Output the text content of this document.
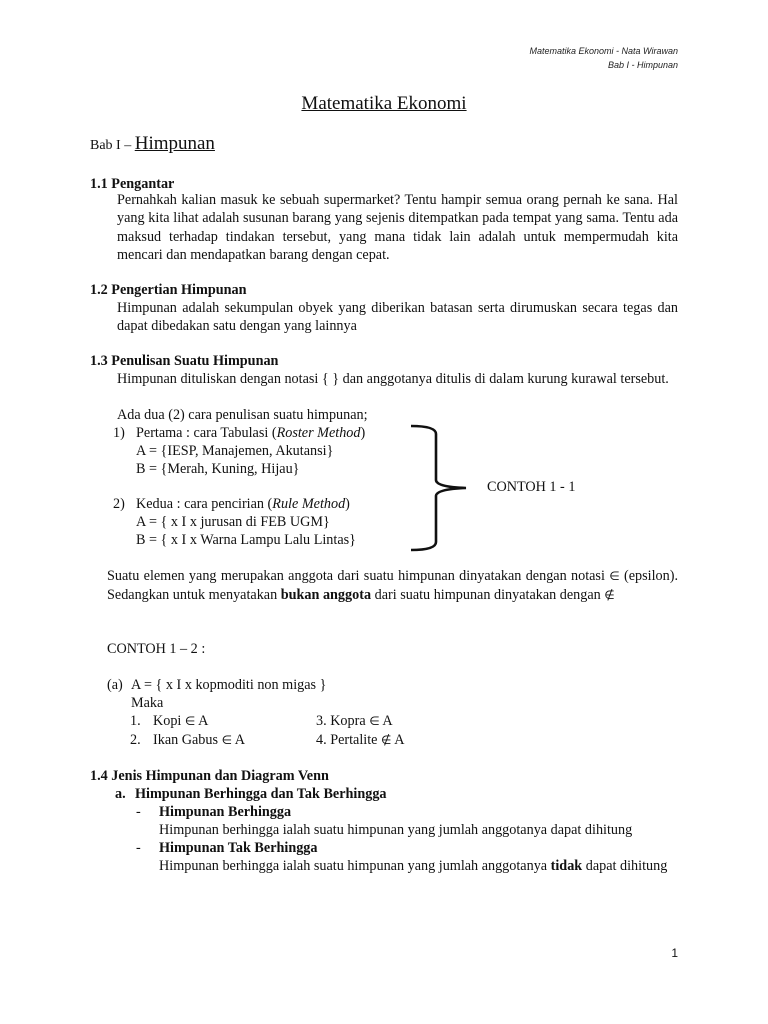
Matematika Ekonomi - Nata Wirawan
Bab I - Himpunan
Matematika Ekonomi
Bab I – Himpunan
1.1 Pengantar
Pernahkah kalian masuk ke sebuah supermarket? Tentu hampir semua orang pernah ke sana. Hal yang kita lihat adalah susunan barang yang sejenis ditempatkan pada tempat yang sama. Tentu ada maksud terhadap tindakan tersebut, yang mana tidak lain adalah untuk mempermudah kita mencari dan mendapatkan barang dengan cepat.
1.2 Pengertian Himpunan
Himpunan adalah sekumpulan obyek yang diberikan batasan serta dirumuskan secara tegas dan dapat dibedakan satu dengan yang lainnya
1.3 Penulisan Suatu Himpunan
Himpunan dituliskan dengan notasi { } dan anggotanya ditulis di dalam kurung kurawal tersebut.
Ada dua (2) cara penulisan suatu himpunan;
1) Pertama : cara Tabulasi (Roster Method)
A = {IESP, Manajemen, Akutansi}
B = {Merah, Kuning, Hijau}
2) Kedua : cara pencirian (Rule Method)
A = { x I x jurusan di FEB UGM}
B = { x I x Warna Lampu Lalu Lintas}
CONTOH 1 - 1
Suatu elemen yang merupakan anggota dari suatu himpunan dinyatakan dengan notasi ∈ (epsilon). Sedangkan untuk menyatakan bukan anggota dari suatu himpunan dinyatakan dengan ∉
CONTOH 1 – 2 :
(a) A = { x I x kopmoditi non migas }
Maka
1. Kopi ∈ A
2. Ikan Gabus ∈ A
3. Kopra ∈ A
4. Pertalite ∉ A
1.4 Jenis Himpunan dan Diagram Venn
a. Himpunan Berhingga dan Tak Berhingga
- Himpunan Berhingga
Himpunan berhingga ialah suatu himpunan yang jumlah anggotanya dapat dihitung
- Himpunan Tak Berhingga
Himpunan berhingga ialah suatu himpunan yang jumlah anggotanya tidak dapat dihitung
1
